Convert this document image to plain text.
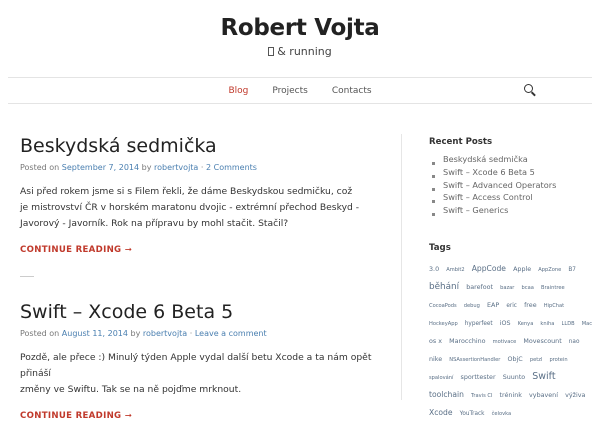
Robert Vojta
& running
Blog	Projects	Contacts
Beskydská sedmička
Posted on September 7, 2014 by robertvojta · 2 Comments
Asi před rokem jsme si s Filem řekli, že dáme Beskydskou sedmičku, což
je mistrovství ČR v horském maratonu dvojic - extrémní přechod Beskyd -
Javorový - Javorník. Rok na přípravu by mohl stačit. Stačil?
CONTINUE READING ➞
Swift – Xcode 6 Beta 5
Posted on August 11, 2014 by robertvojta · Leave a comment
Pozdě, ale přece :) Minulý týden Apple vydal další betu Xcode a ta nám opět přináší
změny ve Swiftu. Tak se na ně pojďme mrknout.
CONTINUE READING ➞
Recent Posts
Beskydská sedmička
Swift – Xcode 6 Beta 5
Swift – Advanced Operators
Swift – Access Control
Swift – Generics
Tags
3.0 Ambit2 AppCode Apple AppZone B7 běhání barefoot bazar bcaa Braintree CocoaPods debug EAP eric free HipChat HockeyApp hyperfeet iOS Kenya kniha LLDB Mac os x Marocchino motivace Movescount nao nike NSAssertionHandler ObjC petzl protein spalování sporttester Suunto Swift toolchain Travis CI trénink vybavení výživa Xcode YouTrack čelovka
